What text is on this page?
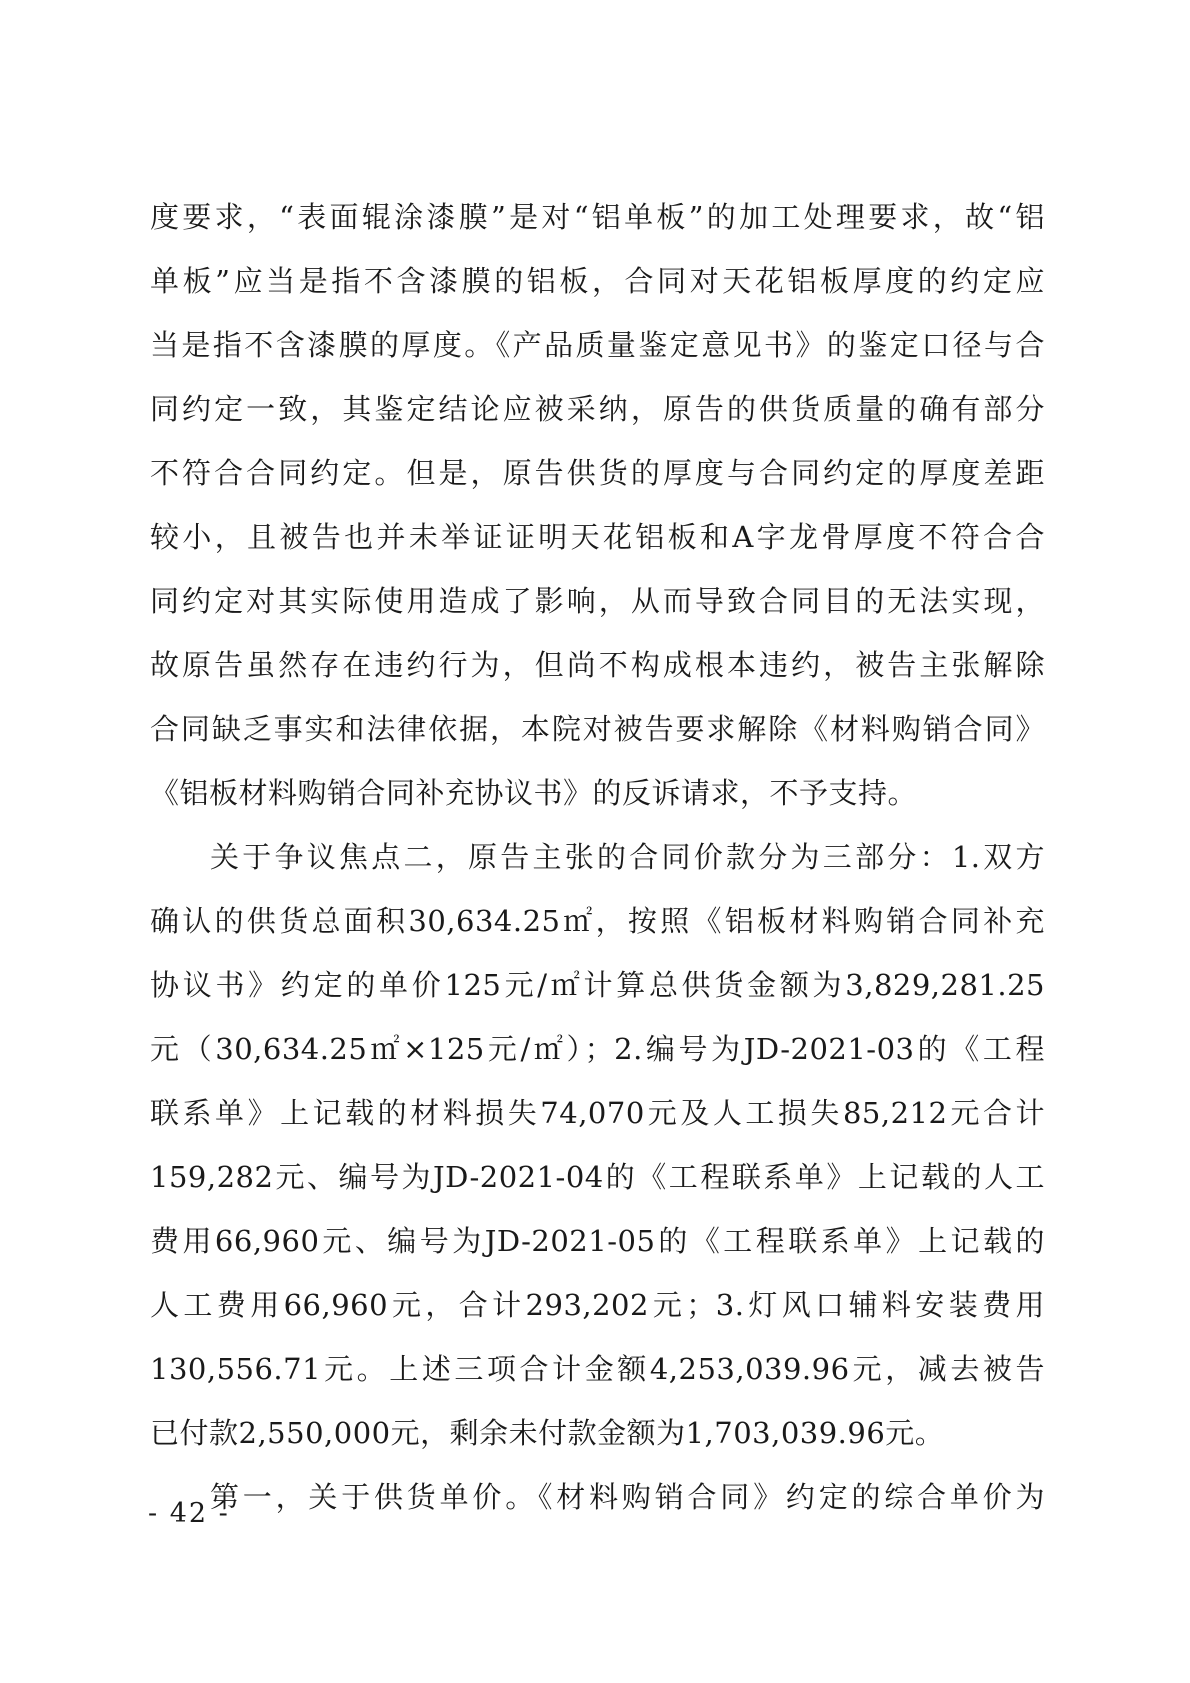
度要求，“表面辊涂漆膜”是对“铝单板”的加工处理要求，故“铝
单板”应当是指不含漆膜的铝板，合同对天花铝板厚度的约定应
当是指不含漆膜的厚度。《产品质量鉴定意见书》的鉴定口径与合
同约定一致，其鉴定结论应被采纳，原告的供货质量的确有部分
不符合合同约定。但是，原告供货的厚度与合同约定的厚度差距
较小，且被告也并未举证证明天花铝板和A字龙骨厚度不符合合
同约定对其实际使用造成了影响，从而导致合同目的无法实现，
故原告虽然存在违约行为，但尚不构成根本违约，被告主张解除
合同缺乏事实和法律依据，本院对被告要求解除《材料购销合同》
《铝板材料购销合同补充协议书》的反诉请求，不予支持。
关于争议焦点二，原告主张的合同价款分为三部分：1.双方
确认的供货总面积30,634.25㎡，按照《铝板材料购销合同补充
协议书》约定的单价125元/㎡计算总供货金额为3,829,281.25
元（30,634.25㎡×125元/㎡）；2.编号为JD-2021-03的《工程
联系单》上记载的材料损失74,070元及人工损失85,212元合计
159,282元、编号为JD-2021-04的《工程联系单》上记载的人工
费用66,960元、编号为JD-2021-05的《工程联系单》上记载的
人工费用66,960元，合计293,202元；3.灯风口辅料安装费用
130,556.71元。上述三项合计金额4,253,039.96元，减去被告
已付款2,550,000元，剩余未付款金额为1,703,039.96元。
第一，关于供货单价。《材料购销合同》约定的综合单价为
- 42 -
